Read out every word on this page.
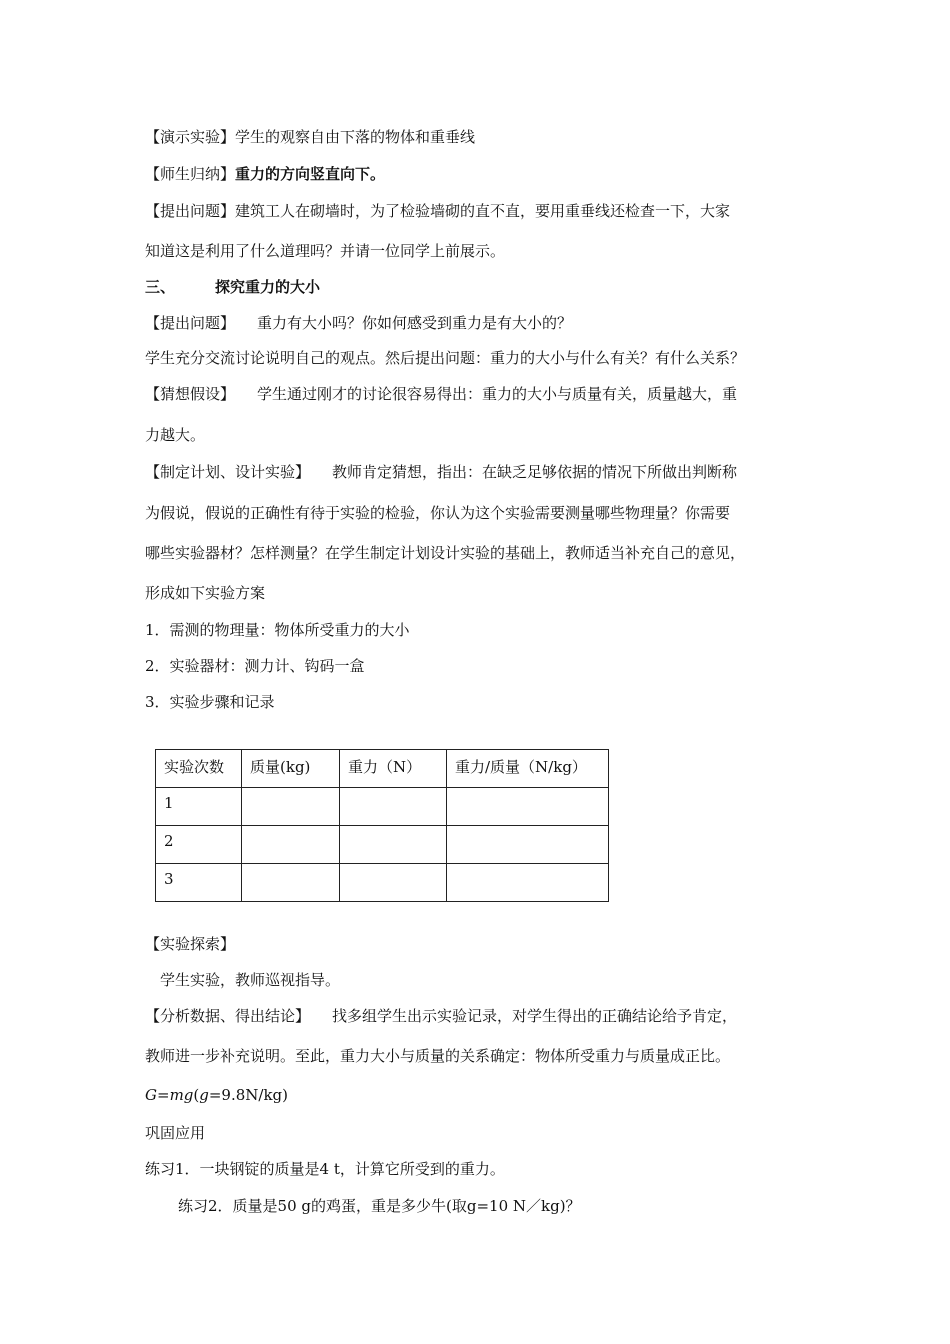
【演示实验】学生的观察自由下落的物体和重垂线
【师生归纳】重力的方向竖直向下。
【提出问题】建筑工人在砌墙时，为了检验墙砌的直不直，要用重垂线还检查一下，大家
知道这是利用了什么道理吗？并请一位同学上前展示。
三、	探究重力的大小
【提出问题】 重力有大小吗？你如何感受到重力是有大小的？
学生充分交流讨论说明自己的观点。然后提出问题：重力的大小与什么有关？有什么关系？
【猜想假设】 学生通过刚才的讨论很容易得出：重力的大小与质量有关，质量越大，重
力越大。
【制定计划、设计实验】 教师肯定猜想，指出：在缺乏足够依据的情况下所做出判断称
为假说，假说的正确性有待于实验的检验，你认为这个实验需要测量哪些物理量？你需要
哪些实验器材？怎样测量？在学生制定计划设计实验的基础上，教师适当补充自己的意见，
形成如下实验方案
1．需测的物理量：物体所受重力的大小
2．实验器材：测力计、钩码一盒
3．实验步骤和记录
实验次数	质量(kg)	重力（N）	重力/质量（N/kg）
1			
2			
3			
【实验探索】
学生实验，教师巡视指导。
【分析数据、得出结论】 找多组学生出示实验记录，对学生得出的正确结论给予肯定，
教师进一步补充说明。至此，重力大小与质量的关系确定：物体所受重力与质量成正比。
G=mg(g=9.8N/kg)
巩固应用
练习1．一块钢锭的质量是4 t，计算它所受到的重力。
练习2．质量是50 g的鸡蛋，重是多少牛(取g=10 N／kg)？
